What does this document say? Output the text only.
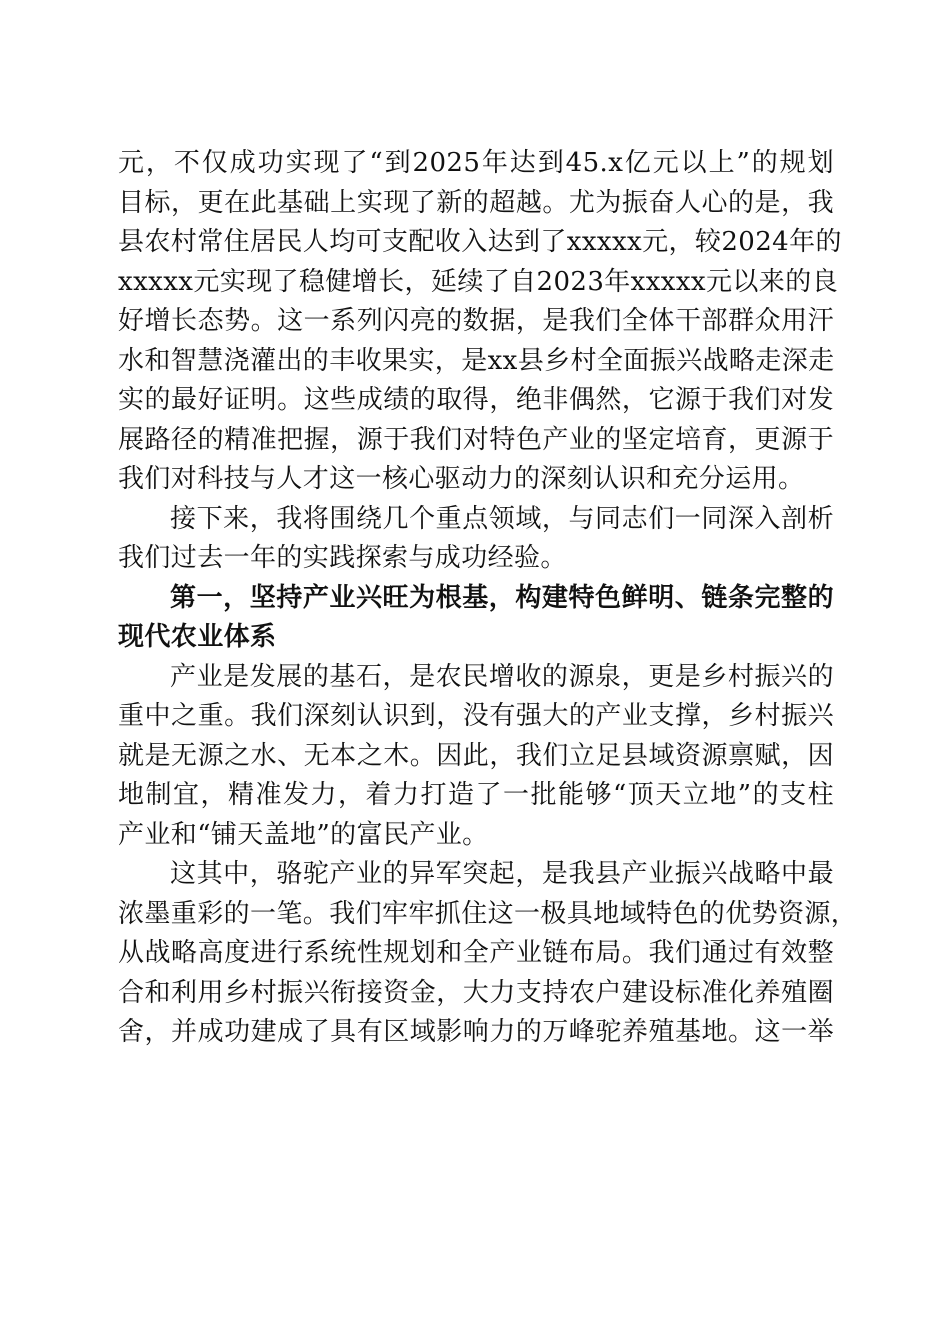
元，不仅成功实现了“到2025年达到45.x亿元以上”的规划
目标，更在此基础上实现了新的超越。尤为振奋人心的是，我
县农村常住居民人均可支配收入达到了xxxxx元，较2024年的
xxxxx元实现了稳健增长，延续了自2023年xxxxx元以来的良
好增长态势。这一系列闪亮的数据，是我们全体干部群众用汗
水和智慧浇灌出的丰收果实，是xx县乡村全面振兴战略走深走
实的最好证明。这些成绩的取得，绝非偶然，它源于我们对发
展路径的精准把握，源于我们对特色产业的坚定培育，更源于
我们对科技与人才这一核心驱动力的深刻认识和充分运用。
接下来，我将围绕几个重点领域，与同志们一同深入剖析
我们过去一年的实践探索与成功经验。
第一，坚持产业兴旺为根基，构建特色鲜明、链条完整的
现代农业体系
产业是发展的基石，是农民增收的源泉，更是乡村振兴的
重中之重。我们深刻认识到，没有强大的产业支撑，乡村振兴
就是无源之水、无本之木。因此，我们立足县域资源禀赋，因
地制宜，精准发力，着力打造了一批能够“顶天立地”的支柱
产业和“铺天盖地”的富民产业。
这其中，骆驼产业的异军突起，是我县产业振兴战略中最
浓墨重彩的一笔。我们牢牢抓住这一极具地域特色的优势资源，
从战略高度进行系统性规划和全产业链布局。我们通过有效整
合和利用乡村振兴衔接资金，大力支持农户建设标准化养殖圈
舍，并成功建成了具有区域影响力的万峰驼养殖基地。这一举
